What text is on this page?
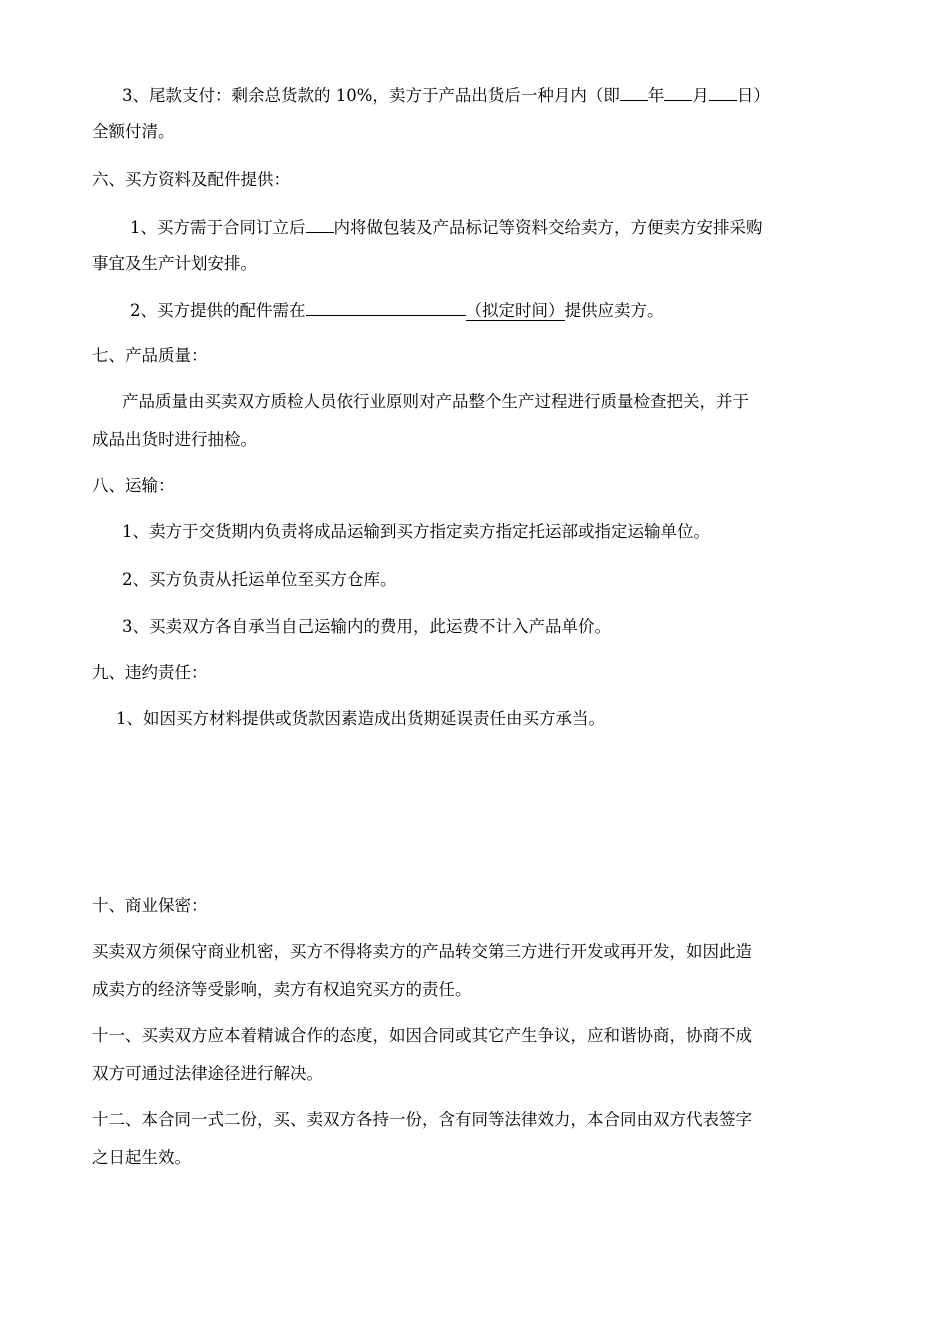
3、尾款支付：剩余总货款的 10%，卖方于产品出货后一种月内（即 年 月 日）
全额付清。
六、买方资料及配件提供：
1、买方需于合同订立后 内将做包装及产品标记等资料交给卖方，方便卖方安排采购
事宜及生产计划安排。
2、买方提供的配件需在	（拟定时间）提供应卖方。
七、产品质量：
产品质量由买卖双方质检人员依行业原则对产品整个生产过程进行质量检查把关，并于
成品出货时进行抽检。
八、运输：
1、卖方于交货期内负责将成品运输到买方指定卖方指定托运部或指定运输单位。
2、买方负责从托运单位至买方仓库。
3、买卖双方各自承当自己运输内的费用，此运费不计入产品单价。
九、违约责任：
1、如因买方材料提供或货款因素造成出货期延误责任由买方承当。
十、商业保密：
买卖双方须保守商业机密，买方不得将卖方的产品转交第三方进行开发或再开发，如因此造
成卖方的经济等受影响，卖方有权追究买方的责任。
十一、买卖双方应本着精诚合作的态度，如因合同或其它产生争议，应和谐协商，协商不成
双方可通过法律途径进行解决。
十二、本合同一式二份，买、卖双方各持一份，含有同等法律效力，本合同由双方代表签字
之日起生效。
